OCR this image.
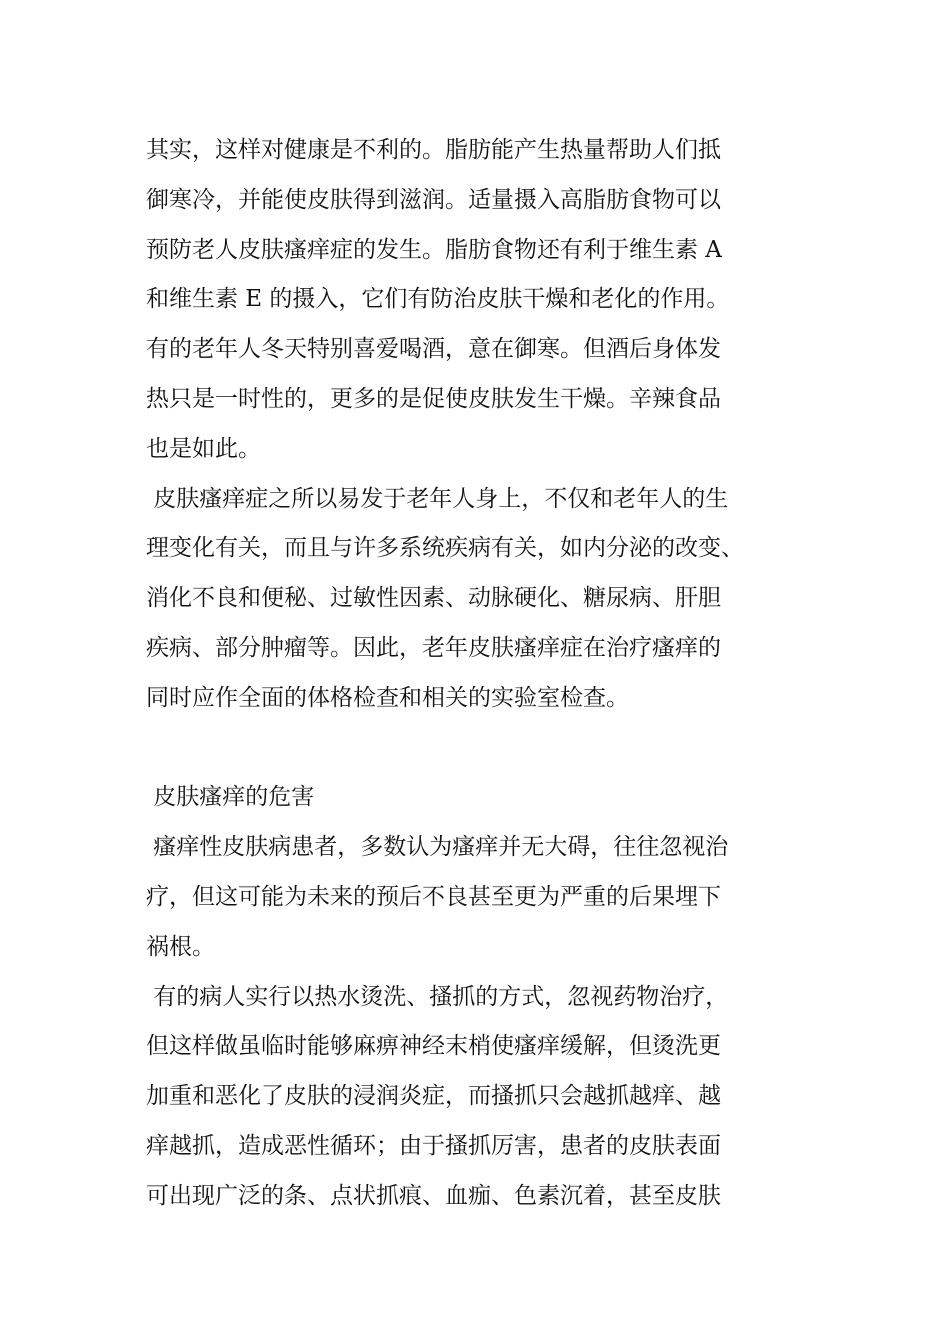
其实，这样对健康是不利的。脂肪能产生热量帮助人们抵
御寒冷，并能使皮肤得到滋润。适量摄入高脂肪食物可以
预防老人皮肤瘙痒症的发生。脂肪食物还有利于维生素 A
和维生素 E 的摄入，它们有防治皮肤干燥和老化的作用。
有的老年人冬天特别喜爱喝酒，意在御寒。但酒后身体发
热只是一时性的，更多的是促使皮肤发生干燥。辛辣食品
也是如此。
皮肤瘙痒症之所以易发于老年人身上，不仅和老年人的生
理变化有关，而且与许多系统疾病有关，如内分泌的改变、
消化不良和便秘、过敏性因素、动脉硬化、糖尿病、肝胆
疾病、部分肿瘤等。因此，老年皮肤瘙痒症在治疗瘙痒的
同时应作全面的体格检查和相关的实验室检查。
皮肤瘙痒的危害
瘙痒性皮肤病患者，多数认为瘙痒并无大碍，往往忽视治
疗，但这可能为未来的预后不良甚至更为严重的后果埋下
祸根。
有的病人实行以热水烫洗、搔抓的方式，忽视药物治疗，
但这样做虽临时能够麻痹神经末梢使瘙痒缓解，但烫洗更
加重和恶化了皮肤的浸润炎症，而搔抓只会越抓越痒、越
痒越抓，造成恶性循环；由于搔抓厉害，患者的皮肤表面
可出现广泛的条、点状抓痕、血痂、色素沉着，甚至皮肤
